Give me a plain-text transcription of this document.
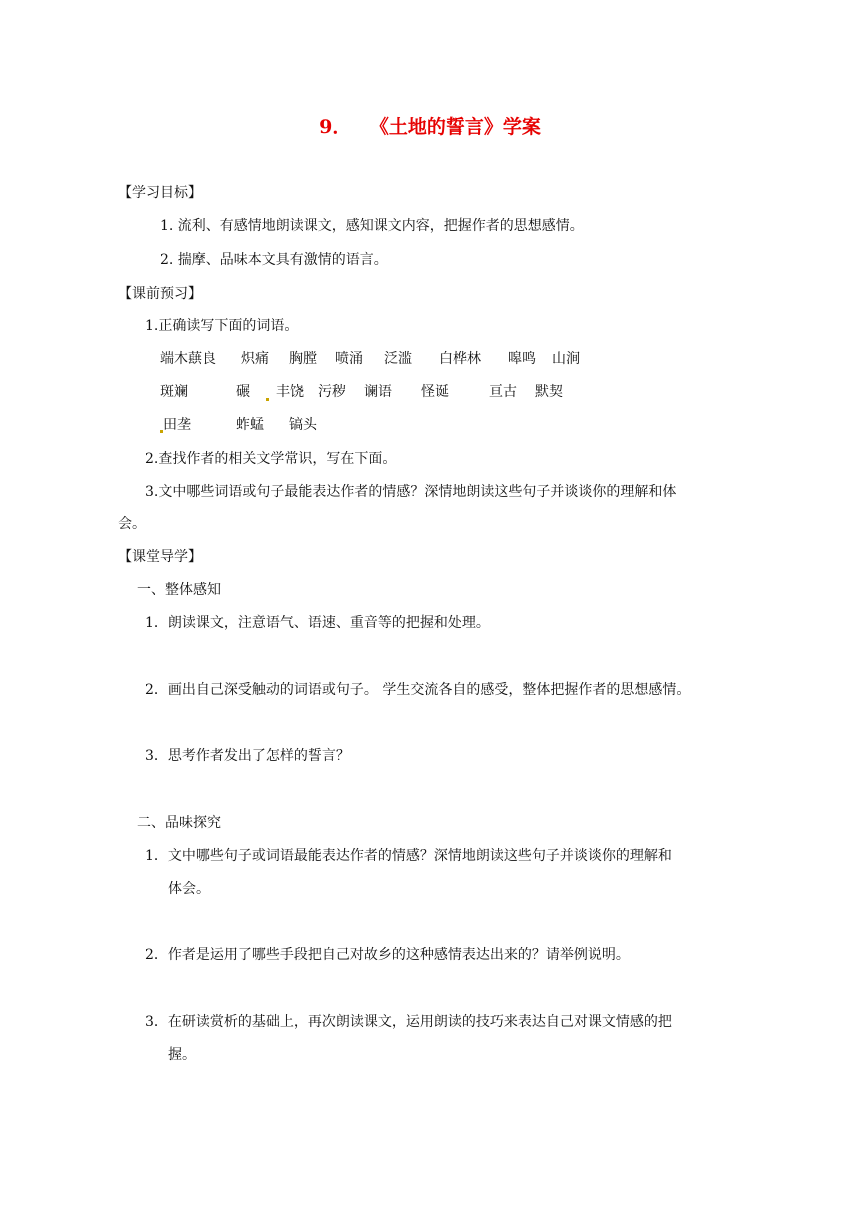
9． 《土地的誓言》学案
【学习目标】
1. 流利、有感情地朗读课文，感知课文内容，把握作者的思想感情。
2. 揣摩、品味本文具有激情的语言。
【课前预习】
1.正确读写下面的词语。
端木蕻良 炽痛 胸膛 喷涌 泛滥 白桦林 嗥鸣 山涧
斑斓	碾 丰饶 污秽 谰语 怪诞	亘古 默契
田垄	蚱蜢 镐头
2.查找作者的相关文学常识，写在下面。
3.文中哪些词语或句子最能表达作者的情感？深情地朗读这些句子并谈谈你的理解和体
会。
【课堂导学】
一、整体感知
1．朗读课文，注意语气、语速、重音等的把握和处理。
2．画出自己深受触动的词语或句子。 学生交流各自的感受，整体把握作者的思想感情。
3．思考作者发出了怎样的誓言？
二、品味探究
1．文中哪些句子或词语最能表达作者的情感？深情地朗读这些句子并谈谈你的理解和
体会。
2．作者是运用了哪些手段把自己对故乡的这种感情表达出来的？请举例说明。
3．在研读赏析的基础上，再次朗读课文，运用朗读的技巧来表达自己对课文情感的把
握。
